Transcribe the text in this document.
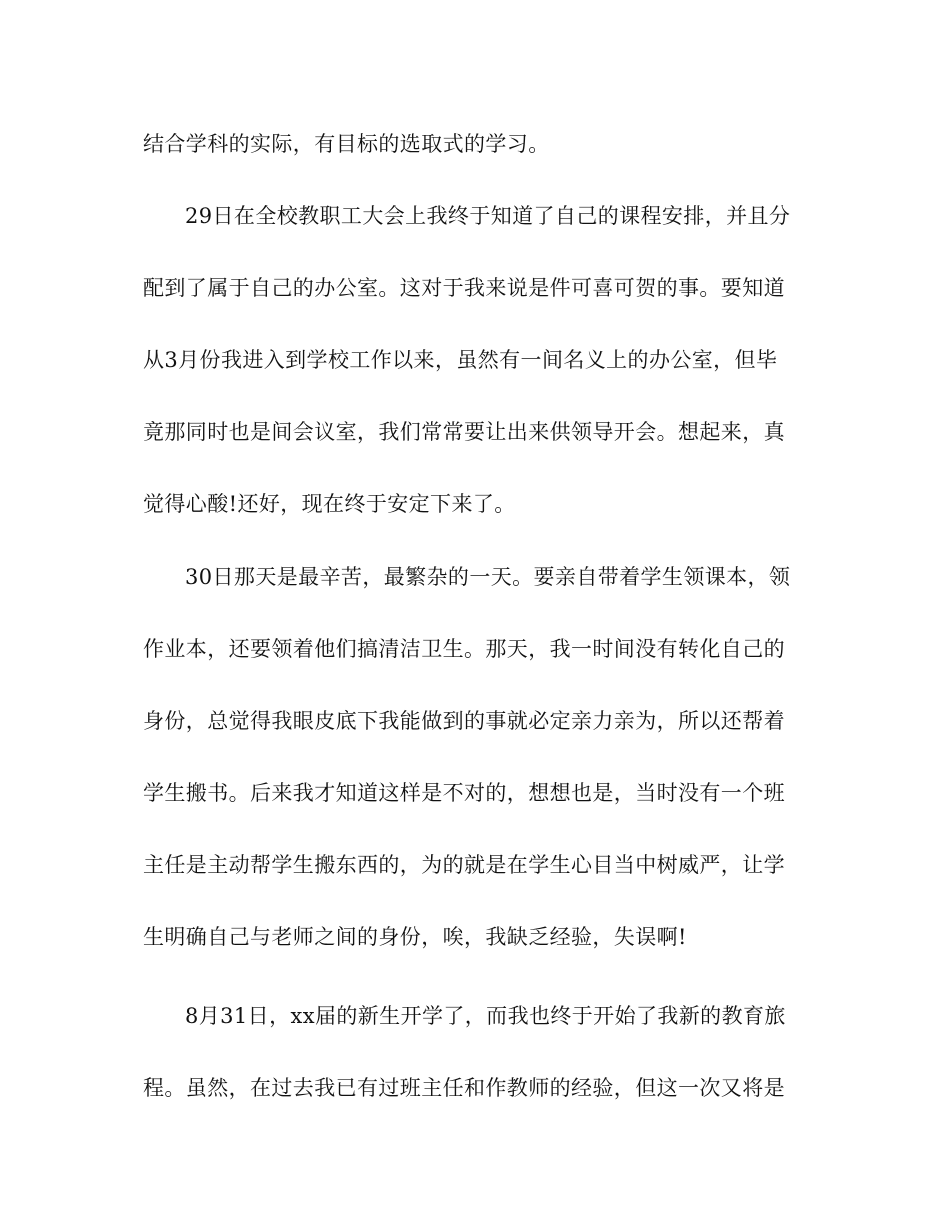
结合学科的实际，有目标的选取式的学习。

29日在全校教职工大会上我终于知道了自己的课程安排，并且分

配到了属于自己的办公室。这对于我来说是件可喜可贺的事。要知道

从3月份我进入到学校工作以来，虽然有一间名义上的办公室，但毕

竟那同时也是间会议室，我们常常要让出来供领导开会。想起来，真

觉得心酸!还好，现在终于安定下来了。

30日那天是最辛苦，最繁杂的一天。要亲自带着学生领课本，领

作业本，还要领着他们搞清洁卫生。那天，我一时间没有转化自己的

身份，总觉得我眼皮底下我能做到的事就必定亲力亲为，所以还帮着

学生搬书。后来我才知道这样是不对的，想想也是，当时没有一个班

主任是主动帮学生搬东西的，为的就是在学生心目当中树威严，让学

生明确自己与老师之间的身份，唉，我缺乏经验，失误啊!

8月31日，xx届的新生开学了，而我也终于开始了我新的教育旅

程。虽然，在过去我已有过班主任和作教师的经验，但这一次又将是
